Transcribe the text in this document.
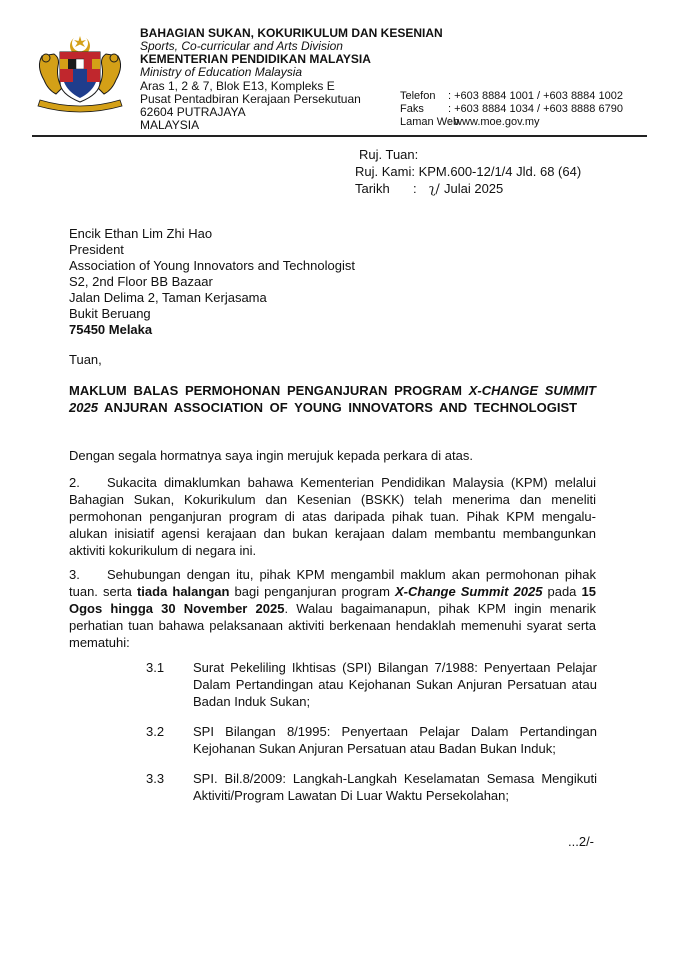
BAHAGIAN SUKAN, KOKURIKULUM DAN KESENIAN
Sports, Co-curricular and Arts Division
KEMENTERIAN PENDIDIKAN MALAYSIA
Ministry of Education Malaysia
Aras 1, 2 & 7, Blok E13, Kompleks E
Pusat Pentadbiran Kerajaan Persekutuan
62604 PUTRAJAYA
MALAYSIA
Telefon : +603 8884 1001 / +603 8884 1002
Faks : +603 8884 1034 / +603 8888 6790
Laman Web: www.moe.gov.my
Ruj. Tuan:
Ruj. Kami: KPM.600-12/1/4 Jld. 68 (64)
Tarikh : ʅ/ Julai 2025
Encik Ethan Lim Zhi Hao
President
Association of Young Innovators and Technologist
S2, 2nd Floor BB Bazaar
Jalan Delima 2, Taman Kerjasama
Bukit Beruang
75450 Melaka
Tuan,
MAKLUM BALAS PERMOHONAN PENGANJURAN PROGRAM X-CHANGE SUMMIT 2025 ANJURAN ASSOCIATION OF YOUNG INNOVATORS AND TECHNOLOGIST
Dengan segala hormatnya saya ingin merujuk kepada perkara di atas.
2. Sukacita dimaklumkan bahawa Kementerian Pendidikan Malaysia (KPM) melalui Bahagian Sukan, Kokurikulum dan Kesenian (BSKK) telah menerima dan meneliti permohonan penganjuran program di atas daripada pihak tuan. Pihak KPM mengalu-alukan inisiatif agensi kerajaan dan bukan kerajaan dalam membantu membangunkan aktiviti kokurikulum di negara ini.
3. Sehubungan dengan itu, pihak KPM mengambil maklum akan permohonan pihak tuan. serta tiada halangan bagi penganjuran program X-Change Summit 2025 pada 15 Ogos hingga 30 November 2025. Walau bagaimanapun, pihak KPM ingin menarik perhatian tuan bahawa pelaksanaan aktiviti berkenaan hendaklah memenuhi syarat serta mematuhi:
3.1 Surat Pekeliling Ikhtisas (SPI) Bilangan 7/1988: Penyertaan Pelajar Dalam Pertandingan atau Kejohanan Sukan Anjuran Persatuan atau Badan Induk Sukan;
3.2 SPI Bilangan 8/1995: Penyertaan Pelajar Dalam Pertandingan Kejohanan Sukan Anjuran Persatuan atau Badan Bukan Induk;
3.3 SPI. Bil.8/2009: Langkah-Langkah Keselamatan Semasa Mengikuti Aktiviti/Program Lawatan Di Luar Waktu Persekolahan;
...2/-
